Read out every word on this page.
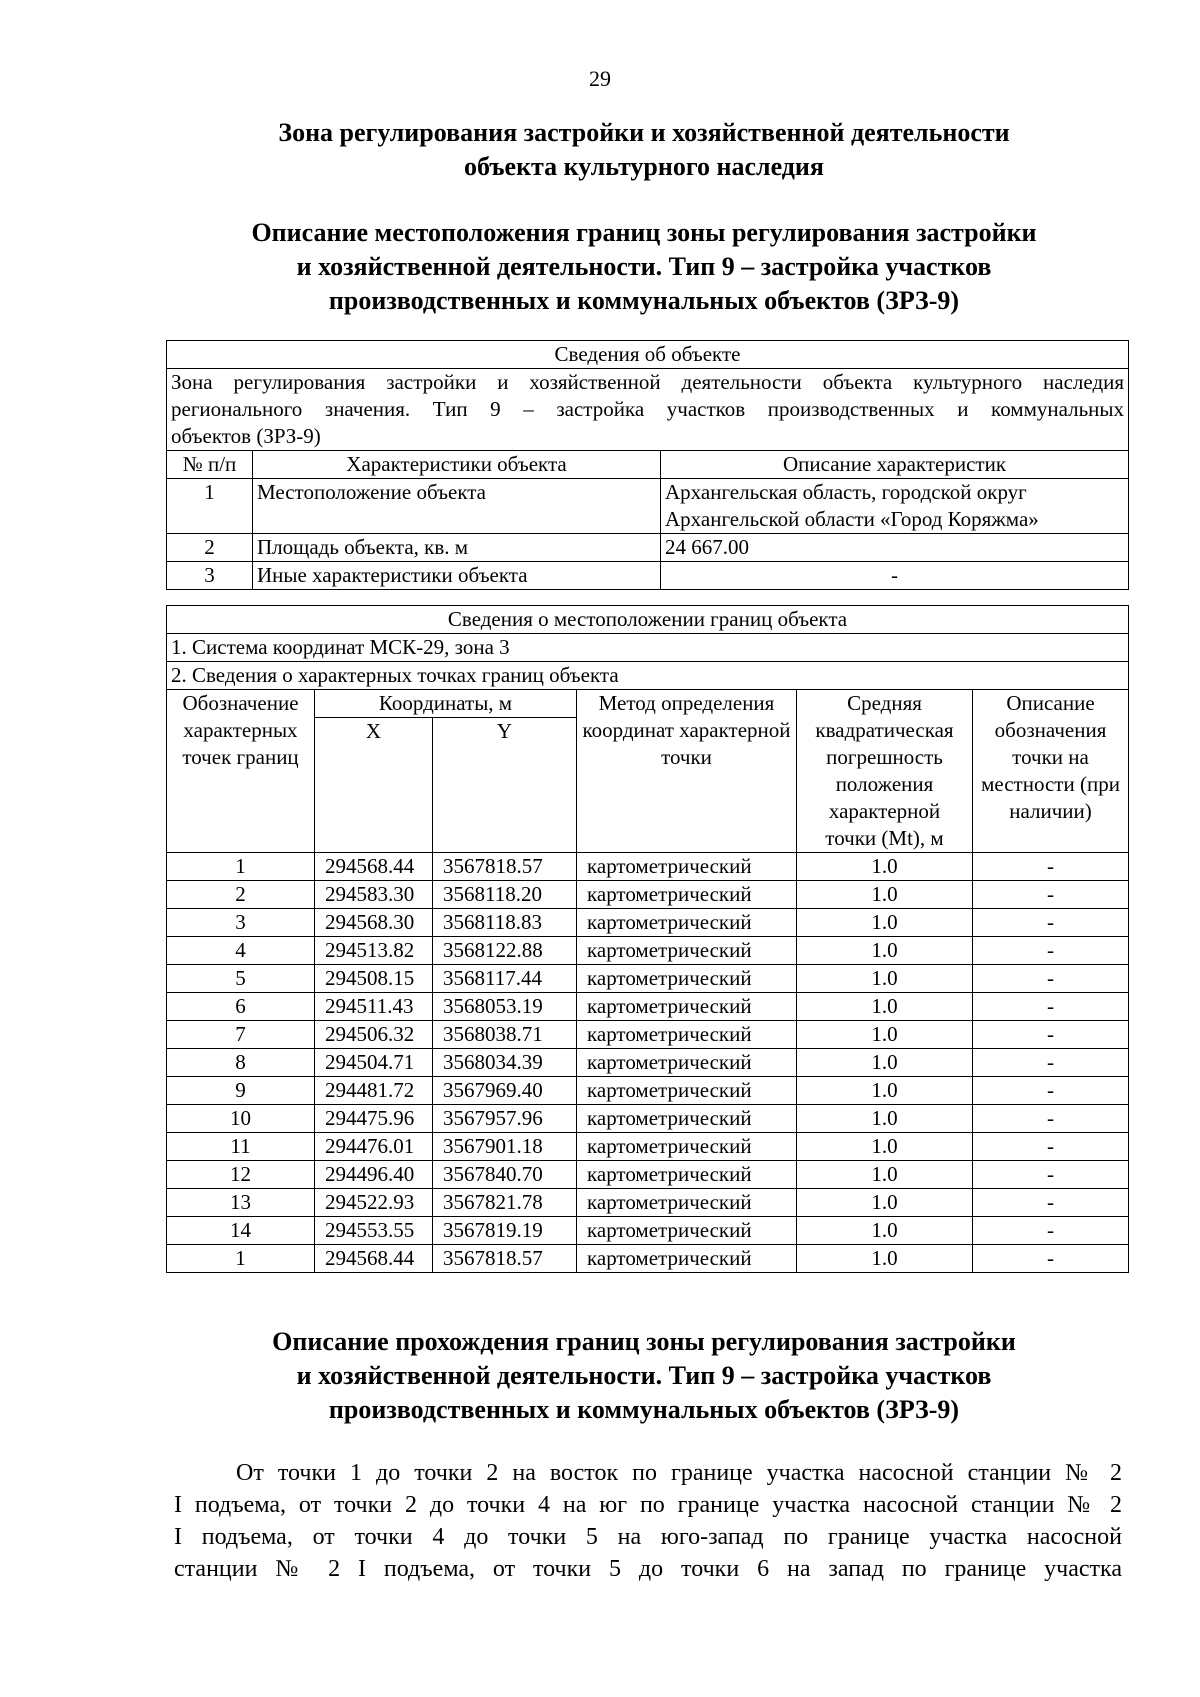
29
Зона регулирования застройки и хозяйственной деятельности
объекта культурного наследия
Описание местоположения границ зоны регулирования застройки
и хозяйственной деятельности. Тип 9 – застройка участков
производственных и коммунальных объектов (ЗРЗ-9)
Сведения об объекте		

Зона регулирования застройки и хозяйственной деятельности объекта культурного наследия
регионального значения. Тип 9 – застройка участков производственных и коммунальных
объектов (ЗРЗ-9)		

№ п/п	Характеристики объекта	Описание характеристик
1	Местоположение объекта	Архангельская область, городской округ Архангельской области «Город Коряжма»
2	Площадь объекта, кв. м	24 667.00
3	Иные характеристики объекта	-
Сведения о местоположении границ объекта					
1. Система координат МСК-29, зона 3					
2. Сведения о характерных точках границ объекта					
Обозначение характерных точек границ	Координаты, м		Метод определения координат характерной точки	Средняя квадратическая погрешность положения характерной точки (Mt), м	Описание обозначения точки на местности (при наличии)
	X	Y			
1	294568.44	3567818.57	картометрический	1.0	-
2	294583.30	3568118.20	картометрический	1.0	-
3	294568.30	3568118.83	картометрический	1.0	-
4	294513.82	3568122.88	картометрический	1.0	-
5	294508.15	3568117.44	картометрический	1.0	-
6	294511.43	3568053.19	картометрический	1.0	-
7	294506.32	3568038.71	картометрический	1.0	-
8	294504.71	3568034.39	картометрический	1.0	-
9	294481.72	3567969.40	картометрический	1.0	-
10	294475.96	3567957.96	картометрический	1.0	-
11	294476.01	3567901.18	картометрический	1.0	-
12	294496.40	3567840.70	картометрический	1.0	-
13	294522.93	3567821.78	картометрический	1.0	-
14	294553.55	3567819.19	картометрический	1.0	-
1	294568.44	3567818.57	картометрический	1.0	-
Описание прохождения границ зоны регулирования застройки
и хозяйственной деятельности. Тип 9 – застройка участков
производственных и коммунальных объектов (ЗРЗ-9)
От точки 1 до точки 2 на восток по границе участка насосной станции № 2
I подъема, от точки 2 до точки 4 на юг по границе участка насосной станции № 2
I подъема, от точки 4 до точки 5 на юго-запад по границе участка насосной
станции № 2 I подъема, от точки 5 до точки 6 на запад по границе участка
